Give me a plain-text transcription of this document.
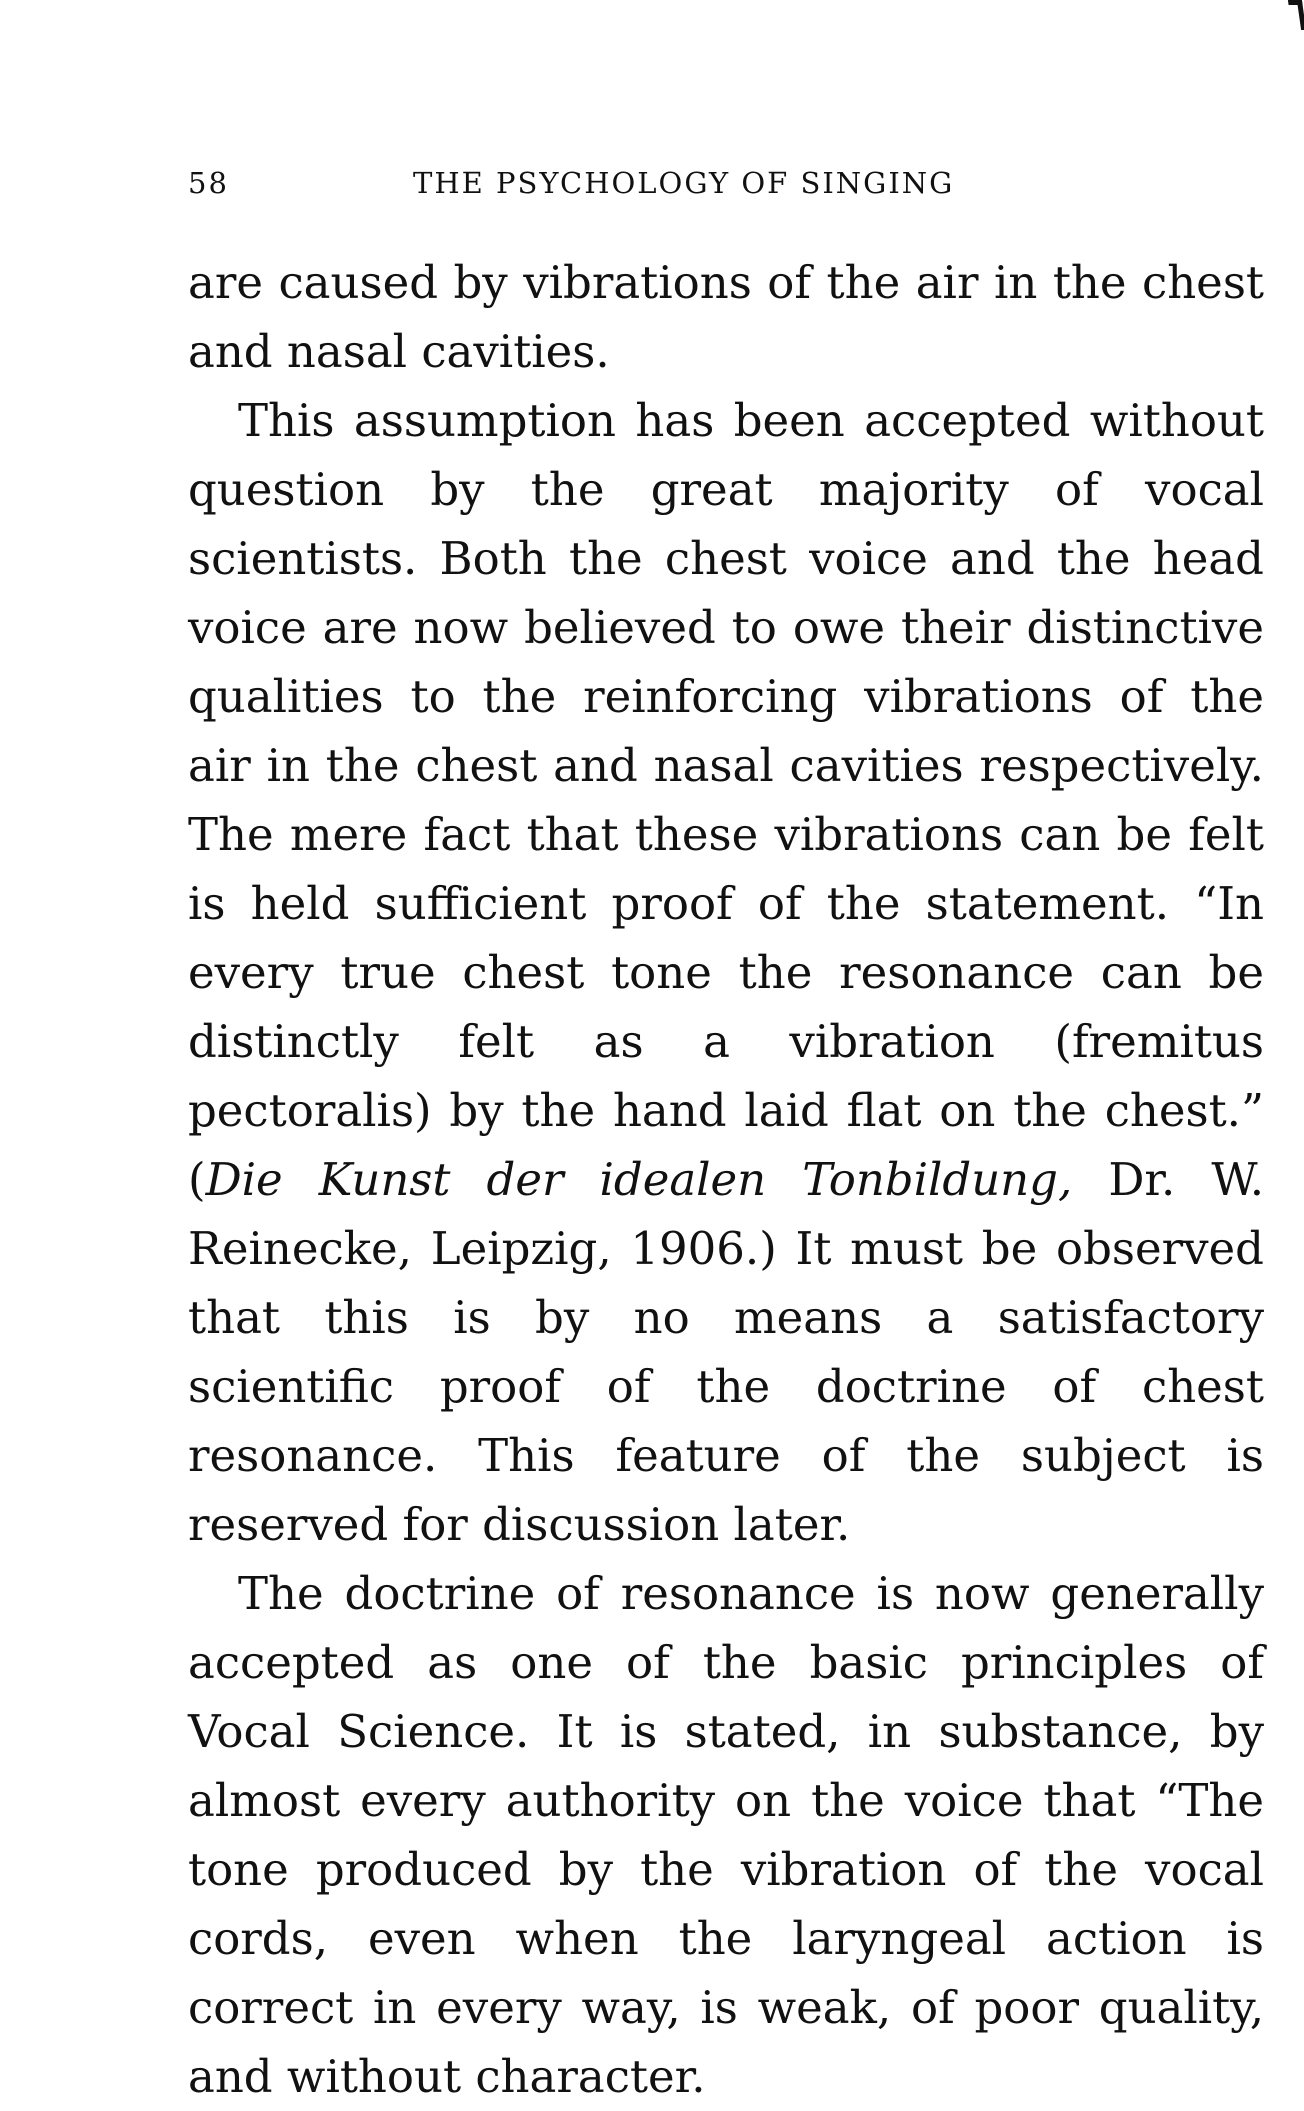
58	THE PSYCHOLOGY OF SINGING

are caused by vibrations of the air in the chest and nasal cavities.

This assumption has been accepted without question by the great majority of vocal scientists. Both the chest voice and the head voice are now believed to owe their distinctive qualities to the reinforcing vibrations of the air in the chest and nasal cavities respectively. The mere fact that these vibrations can be felt is held sufficient proof of the statement. “In every true chest tone the resonance can be distinctly felt as a vibration (fremitus pectoralis) by the hand laid flat on the chest.” (Die Kunst der idealen Tonbildung, Dr. W. Reinecke, Leipzig, 1906.) It must be observed that this is by no means a satisfactory scientific proof of the doctrine of chest resonance. This feature of the subject is reserved for discussion later.

The doctrine of resonance is now generally accepted as one of the basic principles of Vocal Science. It is stated, in substance, by almost every authority on the voice that “The tone produced by the vibration of the vocal cords, even when the laryngeal action is correct in every way, is weak, of poor quality, and without character.
